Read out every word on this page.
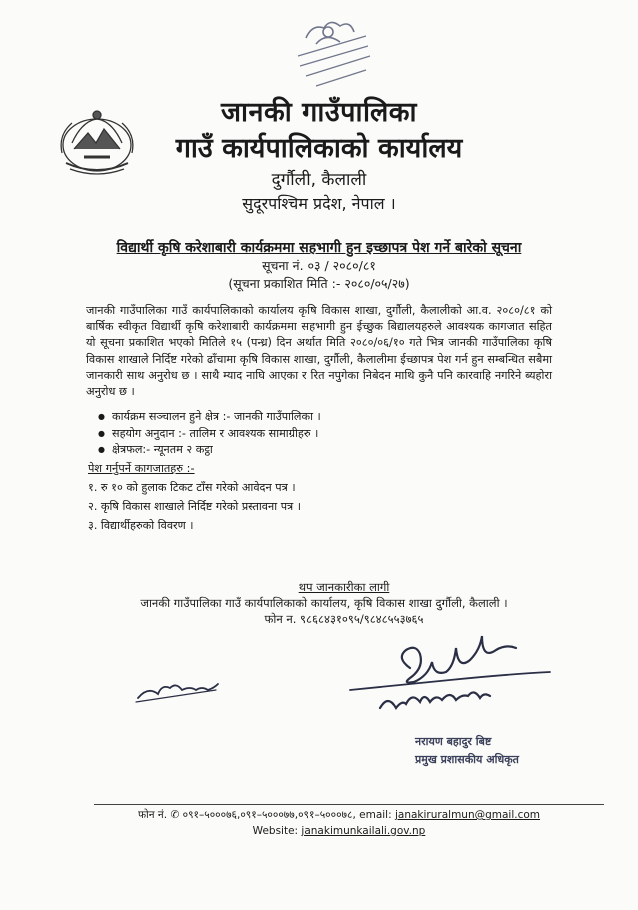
जानकी गाउँपालिका
गाउँ कार्यपालिकाको कार्यालय
दुर्गौली, कैलाली
सुदूरपश्चिम प्रदेश, नेपाल ।
विद्यार्थी कृषि करेशाबारी कार्यक्रममा सहभागी हुन इच्छापत्र पेश गर्ने बारेको सूचना
सूचना नं. ०३ / २०८०/८१
(सूचना प्रकाशित मिति :- २०८०/०५/२७)
जानकी गाउँपालिका गाउँ कार्यपालिकाको कार्यालय कृषि विकास शाखा, दुर्गौली, कैलालीको आ.व. २०८०/८१ को बार्षिक स्वीकृत विद्यार्थी कृषि करेशाबारी कार्यक्रममा सहभागी हुन ईच्छुक बिद्यालयहरुले आवश्यक कागजात सहित यो सूचना प्रकाशित भएको मितिले १५ (पन्ध्र) दिन अर्थात मिति २०८०/०६/१० गते भित्र जानकी गाउँपालिका कृषि विकास शाखाले निर्दिष्ट गरेको ढाँचामा कृषि विकास शाखा, दुर्गौली, कैलालीमा ईच्छापत्र पेश गर्न हुन सम्बन्धित सबैमा जानकारी साथ अनुरोध छ । साथै म्याद नाघि आएका र रित नपुगेका निबेदन माथि कुनै पनि कारवाहि नगरिने ब्यहोरा अनुरोध छ ।
● कार्यक्रम सञ्चालन हुने क्षेत्र :- जानकी गाउँपालिका ।
● सहयोग अनुदान :- तालिम र आवश्यक सामाग्रीहरु ।
● क्षेत्रफल:- न्यूनतम २ कट्ठा
पेश गर्नुपर्ने कागजातहरु :-
१. रु १० को हुलाक टिकट टाँस गरेको आवेदन पत्र ।
२. कृषि विकास शाखाले निर्दिष्ट गरेको प्रस्तावना पत्र ।
३. विद्यार्थीहरुको विवरण ।
थप जानकारीका लागी
जानकी गाउँपालिका गाउँ कार्यपालिकाको कार्यालय, कृषि विकास शाखा दुर्गौली, कैलाली ।
फोन न. ९८६८४३१०९५/९८४८५५३७६५
नरायण बहादुर बिष्ट
प्रमुख प्रशासकीय अधिकृत
फोन नं. ✆ ०९१–५०००७६,०९१–५०००७७,०९१–५०००७८, email: janakiruralmun@gmail.com
Website: janakimunkailali.gov.np
